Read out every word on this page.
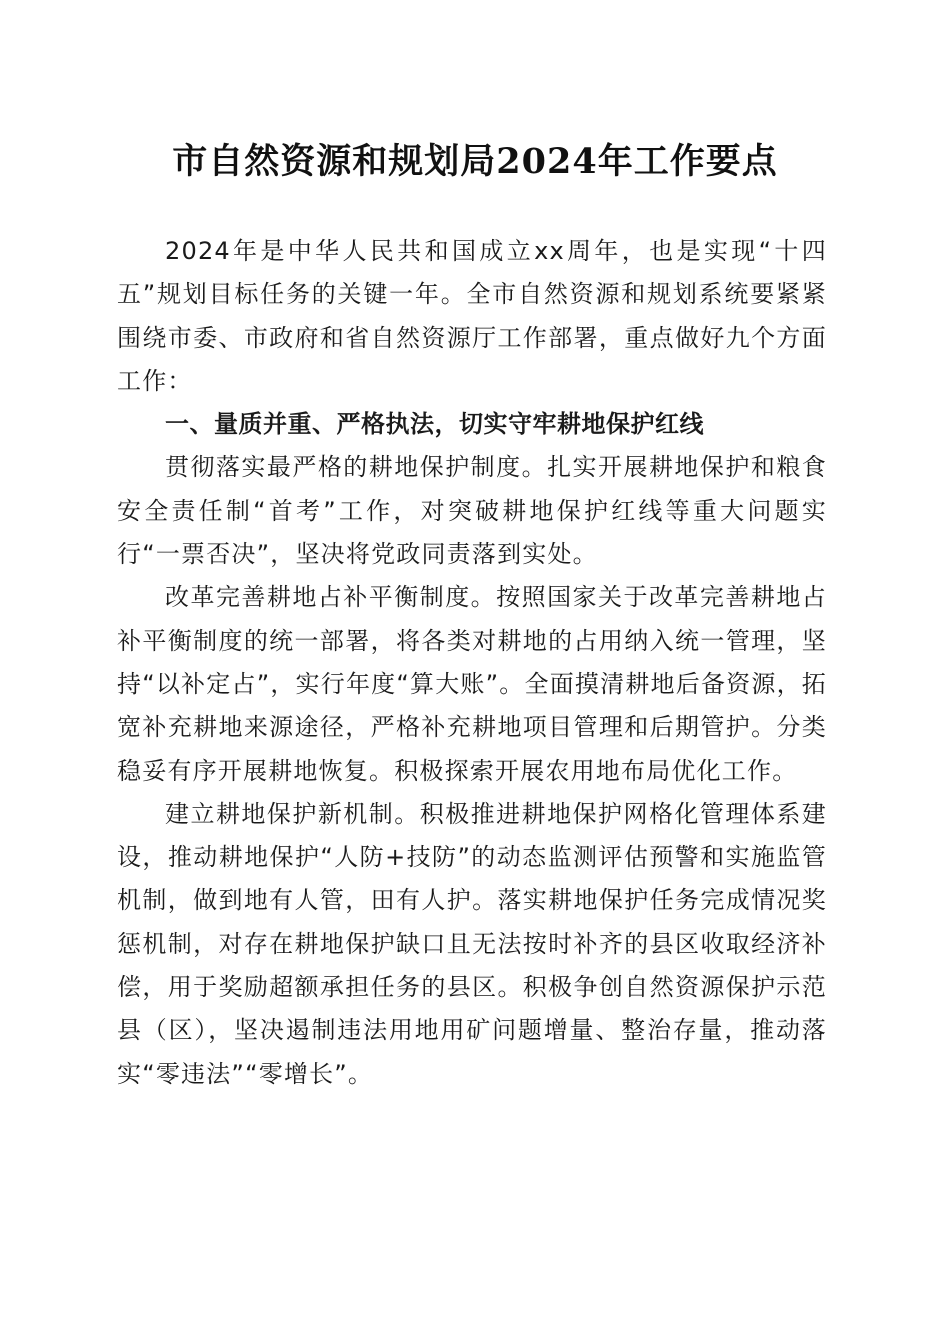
市自然资源和规划局2024年工作要点

2024年是中华人民共和国成立xx周年，也是实现“十四五”规划目标任务的关键一年。全市自然资源和规划系统要紧紧围绕市委、市政府和省自然资源厅工作部署，重点做好九个方面工作：

一、量质并重、严格执法，切实守牢耕地保护红线

贯彻落实最严格的耕地保护制度。扎实开展耕地保护和粮食安全责任制“首考”工作，对突破耕地保护红线等重大问题实行“一票否决”，坚决将党政同责落到实处。

改革完善耕地占补平衡制度。按照国家关于改革完善耕地占补平衡制度的统一部署，将各类对耕地的占用纳入统一管理，坚持“以补定占”，实行年度“算大账”。全面摸清耕地后备资源，拓宽补充耕地来源途径，严格补充耕地项目管理和后期管护。分类稳妥有序开展耕地恢复。积极探索开展农用地布局优化工作。

建立耕地保护新机制。积极推进耕地保护网格化管理体系建设，推动耕地保护“人防+技防”的动态监测评估预警和实施监管机制，做到地有人管，田有人护。落实耕地保护任务完成情况奖惩机制，对存在耕地保护缺口且无法按时补齐的县区收取经济补偿，用于奖励超额承担任务的县区。积极争创自然资源保护示范县（区），坚决遏制违法用地用矿问题增量、整治存量，推动落实“零违法”“零增长”。
